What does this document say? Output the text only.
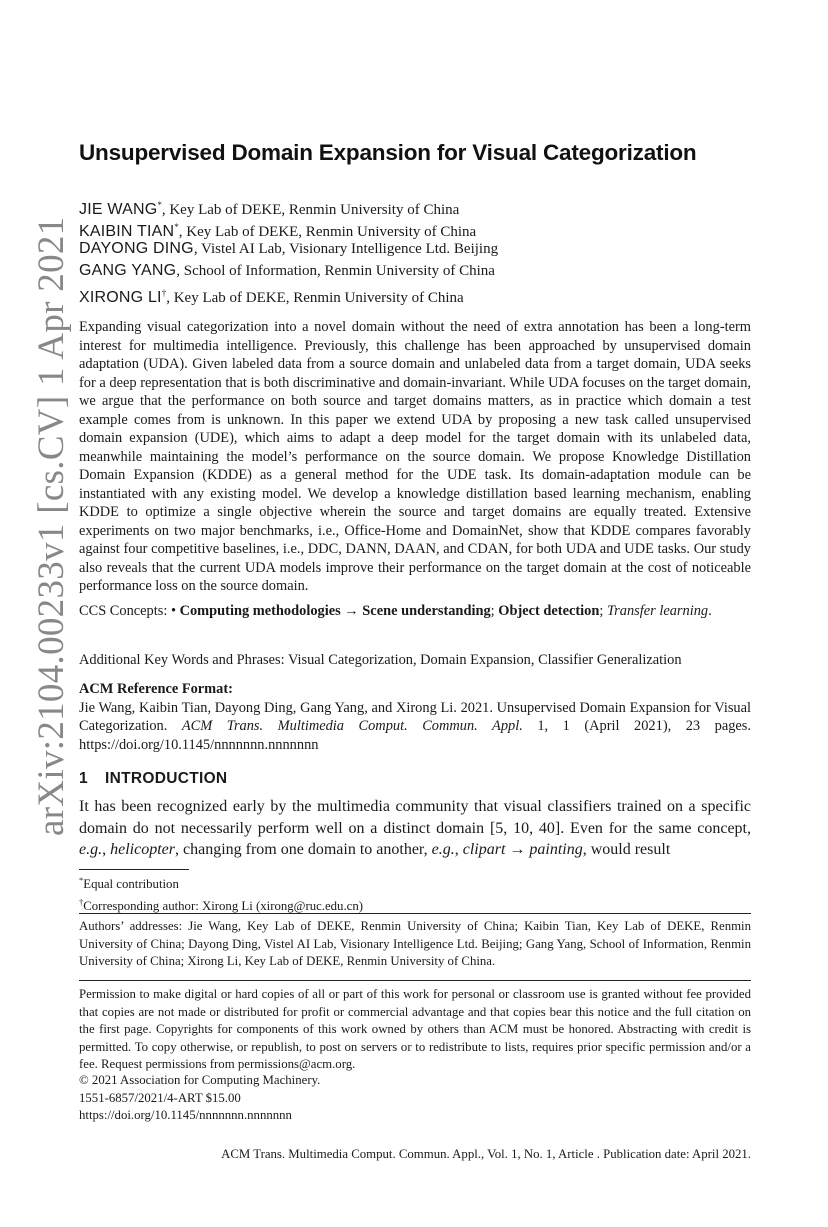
arXiv:2104.00233v1 [cs.CV] 1 Apr 2021
Unsupervised Domain Expansion for Visual Categorization
JIE WANG*, Key Lab of DEKE, Renmin University of China
KAIBIN TIAN*, Key Lab of DEKE, Renmin University of China
DAYONG DING, Vistel AI Lab, Visionary Intelligence Ltd. Beijing
GANG YANG, School of Information, Renmin University of China
XIRONG LI†, Key Lab of DEKE, Renmin University of China
Expanding visual categorization into a novel domain without the need of extra annotation has been a long-term interest for multimedia intelligence. Previously, this challenge has been approached by unsupervised domain adaptation (UDA). Given labeled data from a source domain and unlabeled data from a target domain, UDA seeks for a deep representation that is both discriminative and domain-invariant. While UDA focuses on the target domain, we argue that the performance on both source and target domains matters, as in practice which domain a test example comes from is unknown. In this paper we extend UDA by proposing a new task called unsupervised domain expansion (UDE), which aims to adapt a deep model for the target domain with its unlabeled data, meanwhile maintaining the model’s performance on the source domain. We propose Knowledge Distillation Domain Expansion (KDDE) as a general method for the UDE task. Its domain-adaptation module can be instantiated with any existing model. We develop a knowledge distillation based learning mechanism, enabling KDDE to optimize a single objective wherein the source and target domains are equally treated. Extensive experiments on two major benchmarks, i.e., Office-Home and DomainNet, show that KDDE compares favorably against four competitive baselines, i.e., DDC, DANN, DAAN, and CDAN, for both UDA and UDE tasks. Our study also reveals that the current UDA models improve their performance on the target domain at the cost of noticeable performance loss on the source domain.
CCS Concepts: • Computing methodologies → Scene understanding; Object detection; Transfer learning.
Additional Key Words and Phrases: Visual Categorization, Domain Expansion, Classifier Generalization
ACM Reference Format:
Jie Wang, Kaibin Tian, Dayong Ding, Gang Yang, and Xirong Li. 2021. Unsupervised Domain Expansion for Visual Categorization. ACM Trans. Multimedia Comput. Commun. Appl. 1, 1 (April 2021), 23 pages. https://doi.org/10.1145/nnnnnnn.nnnnnnn
1 INTRODUCTION
It has been recognized early by the multimedia community that visual classifiers trained on a specific domain do not necessarily perform well on a distinct domain [5, 10, 40]. Even for the same concept, e.g., helicopter, changing from one domain to another, e.g., clipart → painting, would result
*Equal contribution
†Corresponding author: Xirong Li (xirong@ruc.edu.cn)
Authors’ addresses: Jie Wang, Key Lab of DEKE, Renmin University of China; Kaibin Tian, Key Lab of DEKE, Renmin University of China; Dayong Ding, Vistel AI Lab, Visionary Intelligence Ltd. Beijing; Gang Yang, School of Information, Renmin University of China; Xirong Li, Key Lab of DEKE, Renmin University of China.
Permission to make digital or hard copies of all or part of this work for personal or classroom use is granted without fee provided that copies are not made or distributed for profit or commercial advantage and that copies bear this notice and the full citation on the first page. Copyrights for components of this work owned by others than ACM must be honored. Abstracting with credit is permitted. To copy otherwise, or republish, to post on servers or to redistribute to lists, requires prior specific permission and/or a fee. Request permissions from permissions@acm.org.
© 2021 Association for Computing Machinery.
1551-6857/2021/4-ART $15.00
https://doi.org/10.1145/nnnnnnn.nnnnnnn
ACM Trans. Multimedia Comput. Commun. Appl., Vol. 1, No. 1, Article . Publication date: April 2021.
